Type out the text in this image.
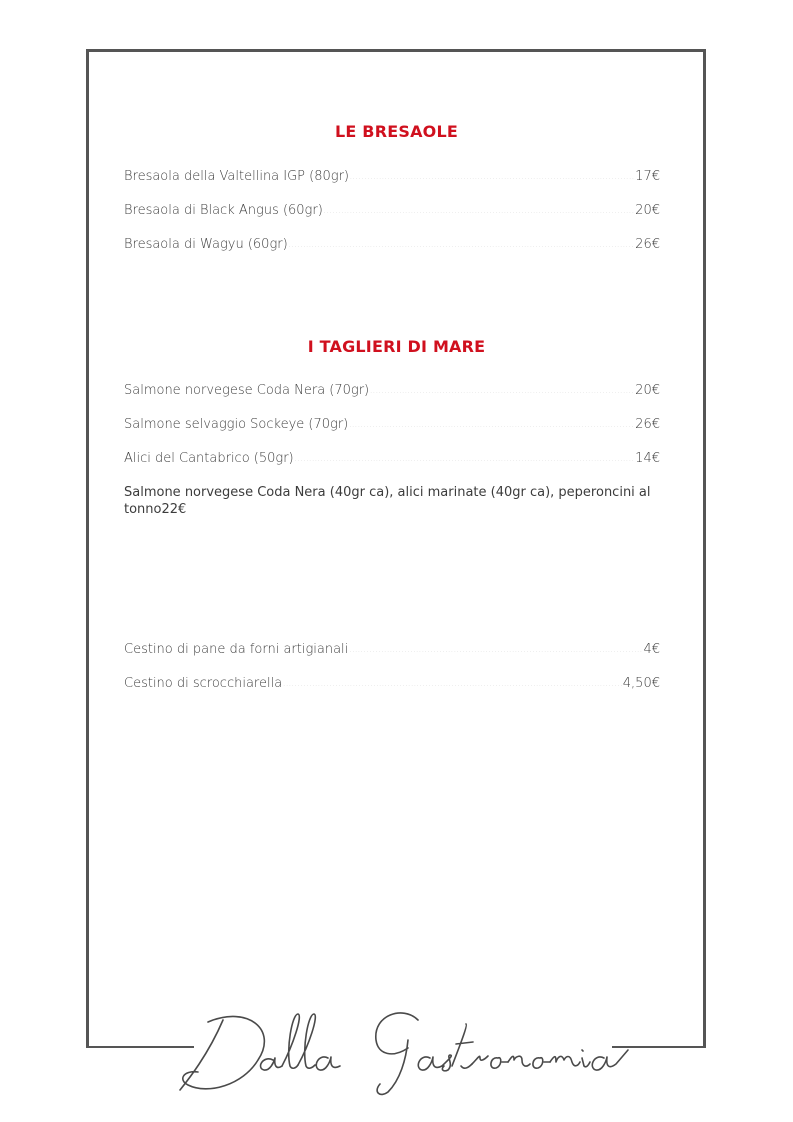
LE BRESAOLE
Bresaola della Valtellina IGP (80gr) .....	17€
Bresaola di Black Angus (60gr) .....	20€
Bresaola di Wagyu (60gr) .....	26€
I TAGLIERI DI MARE
Salmone norvegese Coda Nera (70gr) .....	20€
Salmone selvaggio Sockeye (70gr) .....	26€
Alici del Cantabrico (50gr) .....	14€
Salmone norvegese Coda Nera (40gr ca), alici marinate (40gr ca), peperoncini al
tonno 22€
Cestino di pane da forni artigianali .....	4€
Cestino di scrocchiarella .....	4,50€
